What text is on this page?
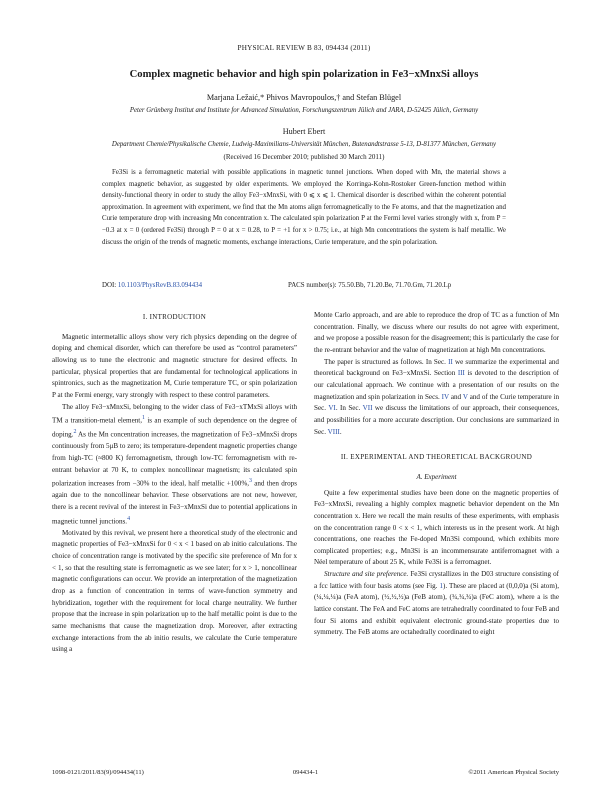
PHYSICAL REVIEW B 83, 094434 (2011)
Complex magnetic behavior and high spin polarization in Fe3−xMnxSi alloys
Marjana Ležaić,* Phivos Mavropoulos,† and Stefan Blügel
Peter Grünberg Institut and Institute for Advanced Simulation, Forschungszentrum Jülich and JARA, D-52425 Jülich, Germany
Hubert Ebert
Department Chemie/Physikalische Chemie, Ludwig-Maximilians-Universität München, Butenandtstrasse 5-13, D-81377 München, Germany
(Received 16 December 2010; published 30 March 2011)
Fe3Si is a ferromagnetic material with possible applications in magnetic tunnel junctions. When doped with Mn, the material shows a complex magnetic behavior, as suggested by older experiments. We employed the Korringa-Kohn-Rostoker Green-function method within density-functional theory in order to study the alloy Fe3−xMnxSi, with 0 ⩽ x ⩽ 1. Chemical disorder is described within the coherent potential approximation. In agreement with experiment, we find that the Mn atoms align ferromagnetically to the Fe atoms, and that the magnetization and Curie temperature drop with increasing Mn concentration x. The calculated spin polarization P at the Fermi level varies strongly with x, from P = −0.3 at x = 0 (ordered Fe3Si) through P = 0 at x = 0.28, to P = +1 for x > 0.75; i.e., at high Mn concentrations the system is half metallic. We discuss the origin of the trends of magnetic moments, exchange interactions, Curie temperature, and the spin polarization.
DOI: 10.1103/PhysRevB.83.094434	PACS number(s): 75.50.Bb, 71.20.Be, 71.70.Gm, 71.20.Lp
I. INTRODUCTION

Magnetic intermetallic alloys show very rich physics depending on the degree of doping and chemical disorder, which can therefore be used as “control parameters” allowing us to tune the electronic and magnetic structure for desired effects. In particular, physical properties that are fundamental for technological applications in spintronics, such as the magnetization M, Curie temperature TC, or spin polarization P at the Fermi energy, vary strongly with respect to these control parameters.

The alloy Fe3−xMnxSi, belonging to the wider class of Fe3−xTMxSi alloys with TM a transition-metal element,$^1$ is an example of such dependence on the degree of doping.$^2$ As the Mn concentration increases, the magnetization of Fe3−xMnxSi drops continuously from 5μB to zero; its temperature-dependent magnetic properties change from high-TC (≈800 K) ferromagnetism, through low-TC ferromagnetism with re-entrant behavior at 70 K, to complex noncollinear magnetism; its calculated spin polarization increases from −30% to the ideal, half metallic +100%,$^3$ and then drops again due to the noncollinear behavior. These observations are not new, however, there is a recent revival of the interest in Fe3−xMnxSi due to potential applications in magnetic tunnel junctions.$^4$

Motivated by this revival, we present here a theoretical study of the electronic and magnetic properties of Fe3−xMnxSi for 0 < x < 1 based on ab initio calculations. The choice of concentration range is motivated by the specific site preference of Mn for x < 1, so that the resulting state is ferromagnetic as we see later; for x > 1, noncollinear magnetic configurations can occur. We provide an interpretation of the magnetization drop as a function of concentration in terms of wave-function symmetry and hybridization, together with the requirement for local charge neutrality. We further propose that the increase in spin polarization up to the half metallic point is due to the same mechanisms that cause the magnetization drop. Moreover, after extracting exchange interactions from the ab initio results, we calculate the Curie temperature using a

Monte Carlo approach, and are able to reproduce the drop of TC as a function of Mn concentration. Finally, we discuss where our results do not agree with experiment, and we propose a possible reason for the disagreement; this is particularly the case for the re-entrant behavior and the value of magnetization at high Mn concentrations.

The paper is structured as follows. In Sec. II we summarize the experimental and theoretical background on Fe3−xMnxSi. Section III is devoted to the description of our calculational approach. We continue with a presentation of our results on the magnetization and spin polarization in Secs. IV and V and of the Curie temperature in Sec. VI. In Sec. VII we discuss the limitations of our approach, their consequences, and possibilities for a more accurate description. Our conclusions are summarized in Sec. VIII.

II. EXPERIMENTAL AND THEORETICAL BACKGROUND
A. Experiment

Quite a few experimental studies have been done on the magnetic properties of Fe3−xMnxSi, revealing a highly complex magnetic behavior dependent on the Mn concentration x. Here we recall the main results of these experiments, with emphasis on the concentration range 0 < x < 1, which interests us in the present work. At high concentrations, one reaches the Fe-doped Mn3Si compound, which exhibits more complicated properties; e.g., Mn3Si is an incommensurate antiferromagnet with a Néel temperature of about 25 K, while Fe3Si is a ferromagnet.

Structure and site preference. Fe3Si crystallizes in the D03 structure consisting of a fcc lattice with four basis atoms (see Fig. 1). These are placed at (0,0,0)a (Si atom), (¼,¼,¼)a (FeA atom), (½,½,½)a (FeB atom), (¾,¾,¾)a (FeC atom), where a is the lattice constant. The FeA and FeC atoms are tetrahedrally coordinated to four FeB and four Si atoms and exhibit equivalent electronic ground-state properties due to symmetry. The FeB atoms are octahedrally coordinated to eight

1098-0121/2011/83(9)/094434(11)	094434-1	©2011 American Physical Society
